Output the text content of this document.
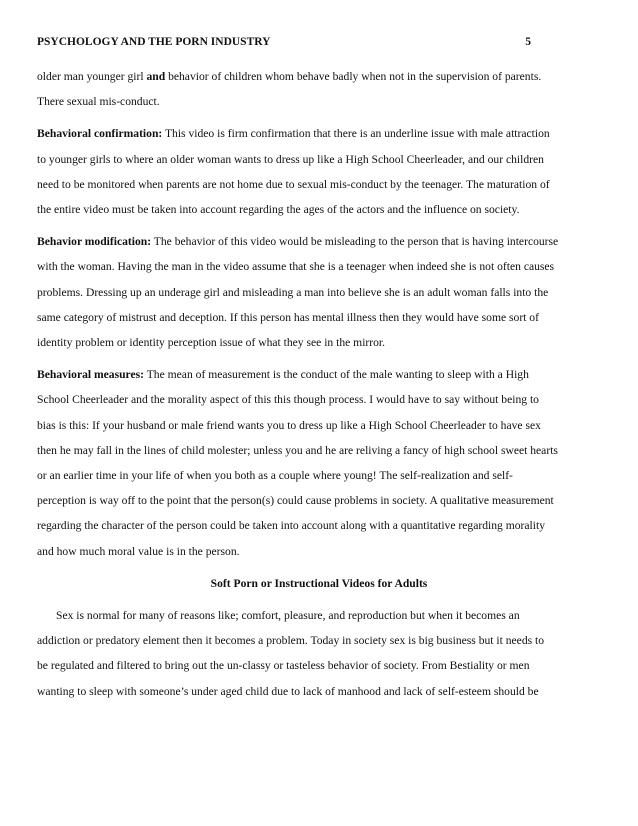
PSYCHOLOGY AND THE PORN INDUSTRY	5

older man younger girl and behavior of children whom behave badly when not in the supervision of parents.
There sexual mis-conduct.

Behavioral confirmation: This video is firm confirmation that there is an underline issue with male attraction
to younger girls to where an older woman wants to dress up like a High School Cheerleader, and our children
need to be monitored when parents are not home due to sexual mis-conduct by the teenager. The maturation of
the entire video must be taken into account regarding the ages of the actors and the influence on society.

Behavior modification: The behavior of this video would be misleading to the person that is having intercourse
with the woman. Having the man in the video assume that she is a teenager when indeed she is not often causes
problems. Dressing up an underage girl and misleading a man into believe she is an adult woman falls into the
same category of mistrust and deception. If this person has mental illness then they would have some sort of
identity problem or identity perception issue of what they see in the mirror.

Behavioral measures: The mean of measurement is the conduct of the male wanting to sleep with a High
School Cheerleader and the morality aspect of this this though process. I would have to say without being to
bias is this: If your husband or male friend wants you to dress up like a High School Cheerleader to have sex
then he may fall in the lines of child molester; unless you and he are reliving a fancy of high school sweet hearts
or an earlier time in your life of when you both as a couple where young! The self-realization and self-
perception is way off to the point that the person(s) could cause problems in society. A qualitative measurement
regarding the character of the person could be taken into account along with a quantitative regarding morality
and how much moral value is in the person.

Soft Porn or Instructional Videos for Adults

Sex is normal for many of reasons like; comfort, pleasure, and reproduction but when it becomes an
addiction or predatory element then it becomes a problem. Today in society sex is big business but it needs to
be regulated and filtered to bring out the un-classy or tasteless behavior of society. From Bestiality or men
wanting to sleep with someone’s under aged child due to lack of manhood and lack of self-esteem should be
